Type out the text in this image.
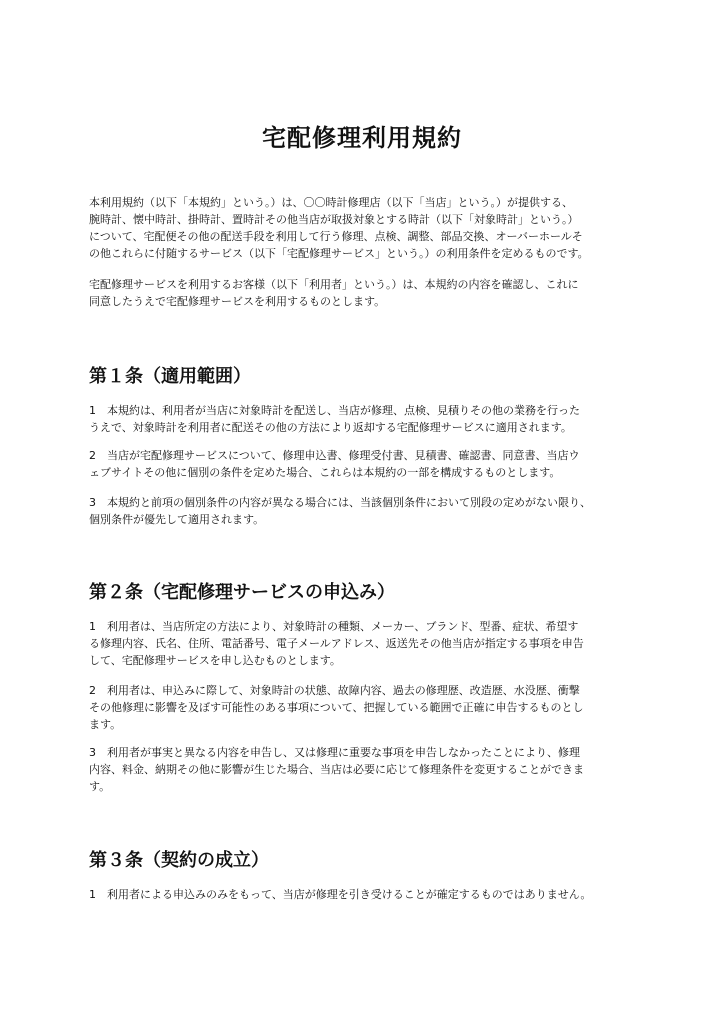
宅配修理利用規約
本利用規約（以下「本規約」という。）は、〇〇時計修理店（以下「当店」という。）が提供する、
腕時計、懐中時計、掛時計、置時計その他当店が取扱対象とする時計（以下「対象時計」という。）
について、宅配便その他の配送手段を利用して行う修理、点検、調整、部品交換、オーバーホールそ
の他これらに付随するサービス（以下「宅配修理サービス」という。）の利用条件を定めるものです。
宅配修理サービスを利用するお客様（以下「利用者」という。）は、本規約の内容を確認し、これに
同意したうえで宅配修理サービスを利用するものとします。
第１条（適用範囲）
1　本規約は、利用者が当店に対象時計を配送し、当店が修理、点検、見積りその他の業務を行った
うえで、対象時計を利用者に配送その他の方法により返却する宅配修理サービスに適用されます。
2　当店が宅配修理サービスについて、修理申込書、修理受付書、見積書、確認書、同意書、当店ウ
ェブサイトその他に個別の条件を定めた場合、これらは本規約の一部を構成するものとします。
3　本規約と前項の個別条件の内容が異なる場合には、当該個別条件において別段の定めがない限り、
個別条件が優先して適用されます。
第２条（宅配修理サービスの申込み）
1　利用者は、当店所定の方法により、対象時計の種類、メーカー、ブランド、型番、症状、希望す
る修理内容、氏名、住所、電話番号、電子メールアドレス、返送先その他当店が指定する事項を申告
して、宅配修理サービスを申し込むものとします。
2　利用者は、申込みに際して、対象時計の状態、故障内容、過去の修理歴、改造歴、水没歴、衝撃
その他修理に影響を及ぼす可能性のある事項について、把握している範囲で正確に申告するものとし
ます。
3　利用者が事実と異なる内容を申告し、又は修理に重要な事項を申告しなかったことにより、修理
内容、料金、納期その他に影響が生じた場合、当店は必要に応じて修理条件を変更することができま
す。
第３条（契約の成立）
1　利用者による申込みのみをもって、当店が修理を引き受けることが確定するものではありません。
